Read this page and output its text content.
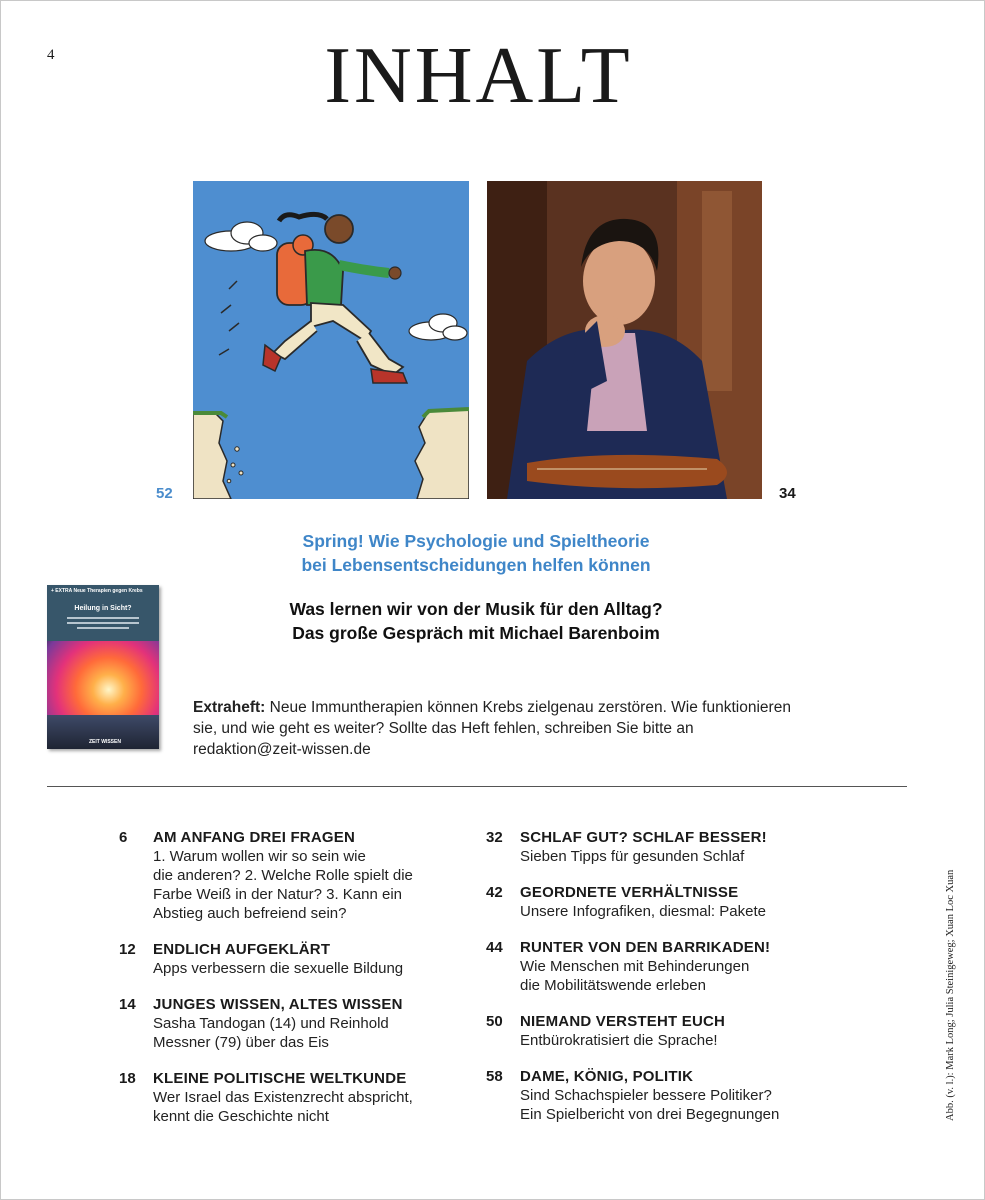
4	INHALT
52	34
Spring! Wie Psychologie und Spieltheorie
bei Lebensentscheidungen helfen können
Was lernen wir von der Musik für den Alltag?
Das große Gespräch mit Michael Barenboim
+ EXTRA Neue Therapien gegen Krebs
Heilung in Sicht?
ZEIT WISSEN
Extraheft: Neue Immuntherapien können Krebs zielgenau zerstören. Wie funktionieren sie, und wie geht es weiter? Sollte das Heft fehlen, schreiben Sie bitte an redaktion@zeit-wissen.de
6 AM ANFANG DREI FRAGEN
1. Warum wollen wir so sein wie
die anderen? 2. Welche Rolle spielt die
Farbe Weiß in der Natur? 3. Kann ein
Abstieg auch befreiend sein?
12 ENDLICH AUFGEKLÄRT
Apps verbessern die sexuelle Bildung
14 JUNGES WISSEN, ALTES WISSEN
Sasha Tandogan (14) und Reinhold
Messner (79) über das Eis
18 KLEINE POLITISCHE WELTKUNDE
Wer Israel das Existenzrecht abspricht,
kennt die Geschichte nicht
32 SCHLAF GUT? SCHLAF BESSER!
Sieben Tipps für gesunden Schlaf
42 GEORDNETE VERHÄLTNISSE
Unsere Infografiken, diesmal: Pakete
44 RUNTER VON DEN BARRIKADEN!
Wie Menschen mit Behinderungen
die Mobilitätswende erleben
50 NIEMAND VERSTEHT EUCH
Entbürokratisiert die Sprache!
58 DAME, KÖNIG, POLITIK
Sind Schachspieler bessere Politiker?
Ein Spielbericht von drei Begegnungen	Abb. (v. l.): Mark Long; Julia Steinigeweg; Xuan Loc Xuan
